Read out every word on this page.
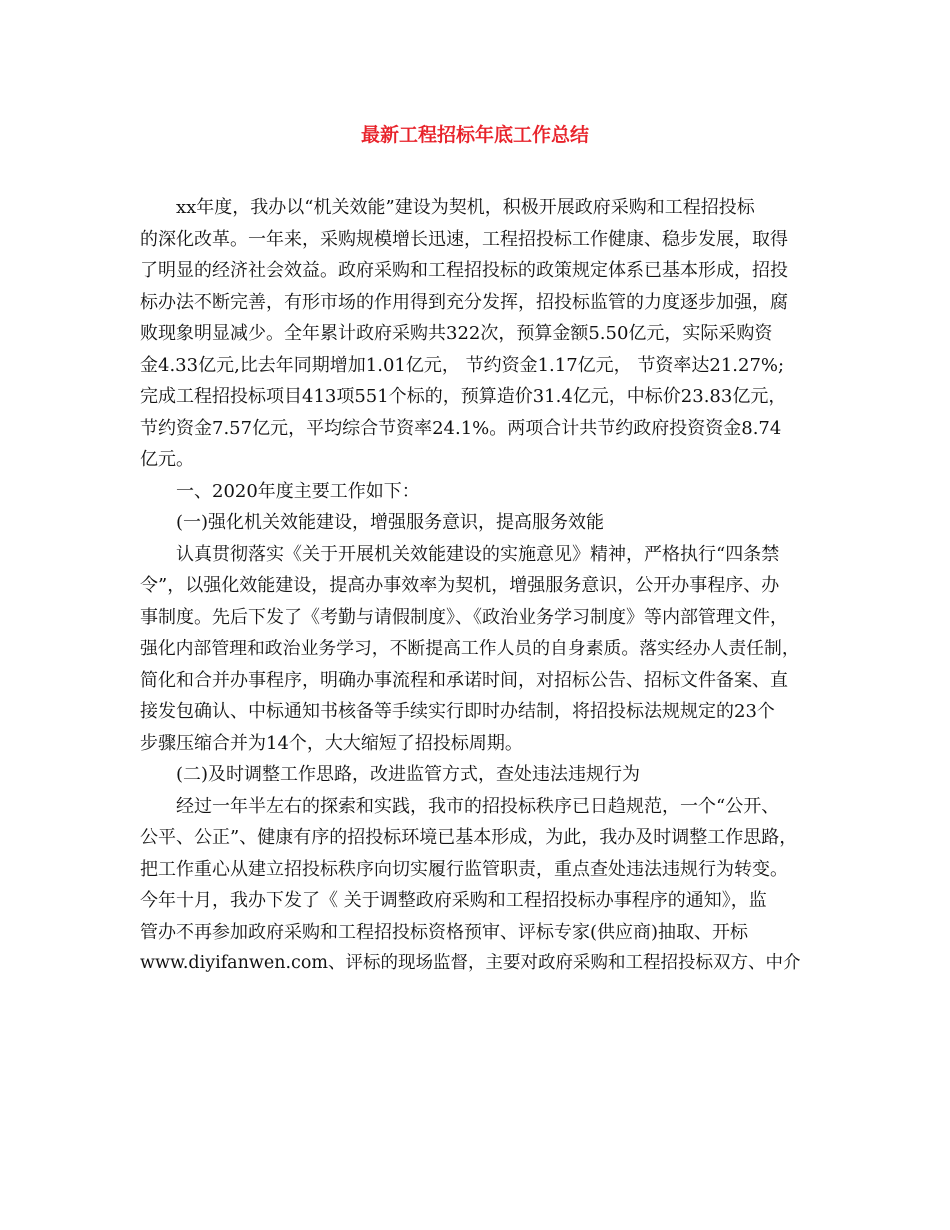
最新工程招标年底工作总结
xx年度，我办以“机关效能”建设为契机，积极开展政府采购和工程招投标
的深化改革。一年来，采购规模增长迅速，工程招投标工作健康、稳步发展，取得
了明显的经济社会效益。政府采购和工程招投标的政策规定体系已基本形成，招投
标办法不断完善，有形市场的作用得到充分发挥，招投标监管的力度逐步加强，腐
败现象明显减少。全年累计政府采购共322次，预算金额5.50亿元，实际采购资
金4.33亿元,比去年同期增加1.01亿元， 节约资金1.17亿元， 节资率达21.27%;
完成工程招投标项目413项551个标的，预算造价31.4亿元，中标价23.83亿元，
节约资金7.57亿元，平均综合节资率24.1%。两项合计共节约政府投资资金8.74
亿元。
一、2020年度主要工作如下：
(一)强化机关效能建设，增强服务意识，提高服务效能
认真贯彻落实《关于开展机关效能建设的实施意见》精神，严格执行“四条禁
令”，以强化效能建设，提高办事效率为契机，增强服务意识，公开办事程序、办
事制度。先后下发了《考勤与请假制度》、《政治业务学习制度》等内部管理文件，
强化内部管理和政治业务学习，不断提高工作人员的自身素质。落实经办人责任制，
简化和合并办事程序，明确办事流程和承诺时间，对招标公告、招标文件备案、直
接发包确认、中标通知书核备等手续实行即时办结制，将招投标法规规定的23个
步骤压缩合并为14个，大大缩短了招投标周期。
(二)及时调整工作思路，改进监管方式，查处违法违规行为
经过一年半左右的探索和实践，我市的招投标秩序已日趋规范，一个“公开、
公平、公正”、健康有序的招投标环境已基本形成，为此，我办及时调整工作思路，
把工作重心从建立招投标秩序向切实履行监管职责，重点查处违法违规行为转变。
今年十月，我办下发了《 关于调整政府采购和工程招投标办事程序的通知》，监
管办不再参加政府采购和工程招投标资格预审、评标专家(供应商)抽取、开标
www.diyifanwen.com、评标的现场监督，主要对政府采购和工程招投标双方、中介
